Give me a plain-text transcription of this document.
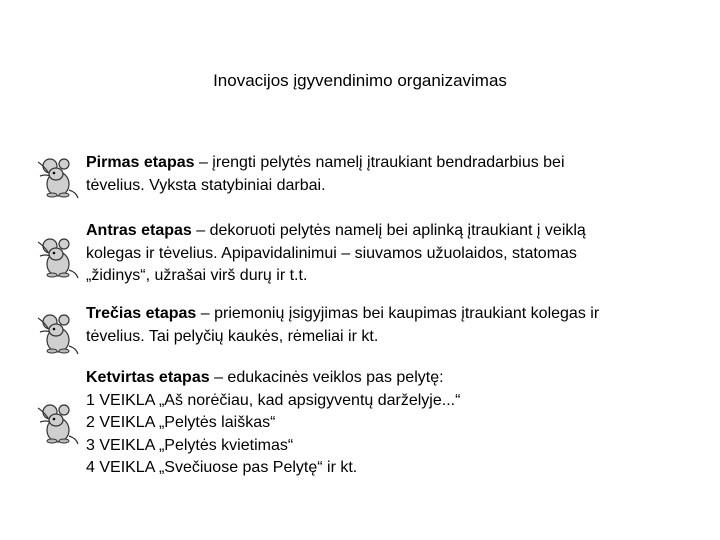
Inovacijos įgyvendinimo organizavimas
Pirmas etapas – įrengti pelytės namelį įtraukiant bendradarbius bei
tėvelius. Vyksta statybiniai darbai.
Antras etapas – dekoruoti pelytės namelį bei aplinką įtraukiant į veiklą
kolegas ir tėvelius. Apipavidalinimui – siuvamos užuolaidos, statomas
„židinys“, užrašai virš durų ir t.t.
Trečias etapas – priemonių įsigyjimas bei kaupimas įtraukiant kolegas ir
tėvelius. Tai pelyčių kaukės, rėmeliai ir kt.
Ketvirtas etapas – edukacinės veiklos pas pelytę:
1 VEIKLA „Aš norėčiau, kad apsigyventų darželyje...“
2 VEIKLA „Pelytės laiškas“
3 VEIKLA „Pelytės kvietimas“
4 VEIKLA „Svečiuose pas Pelytę“ ir kt.
